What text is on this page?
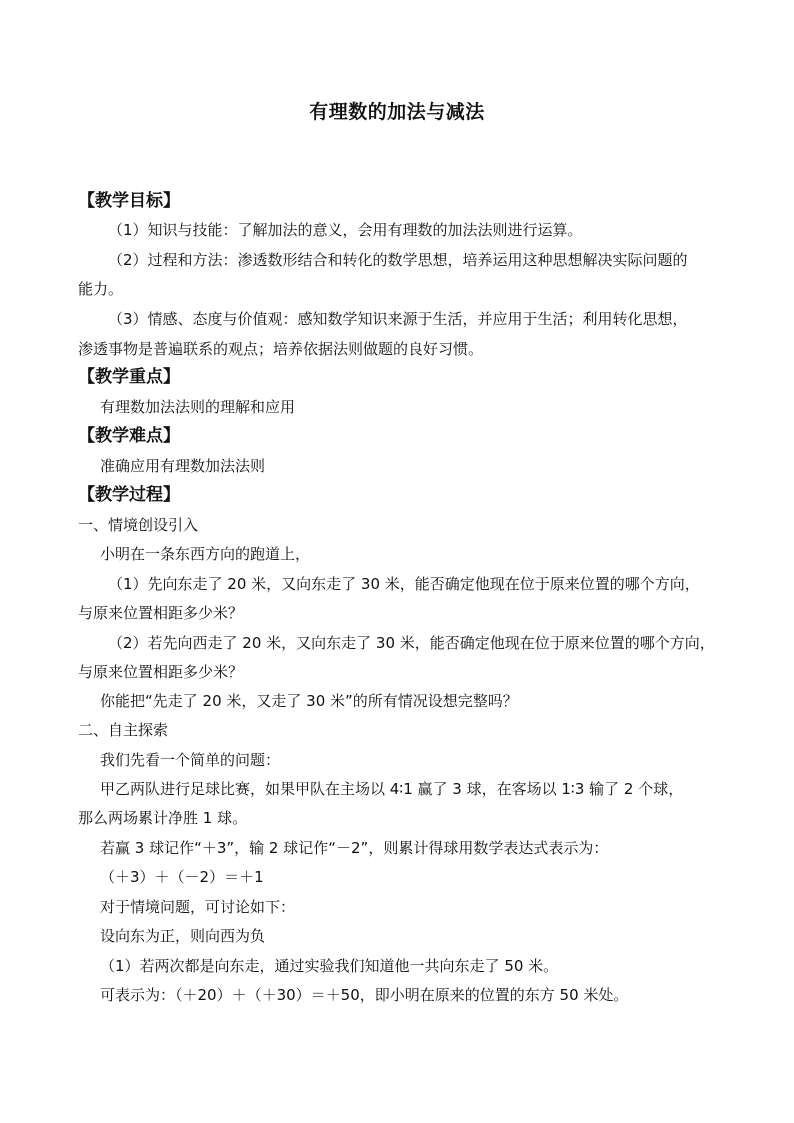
有理数的加法与减法
【教学目标】
（1）知识与技能：了解加法的意义，会用有理数的加法法则进行运算。
（2）过程和方法：渗透数形结合和转化的数学思想，培养运用这种思想解决实际问题的
能力。
（3）情感、态度与价值观：感知数学知识来源于生活，并应用于生活；利用转化思想，
渗透事物是普遍联系的观点；培养依据法则做题的良好习惯。
【教学重点】
有理数加法法则的理解和应用
【教学难点】
准确应用有理数加法法则
【教学过程】
一、情境创设引入
小明在一条东西方向的跑道上，
（1）先向东走了 20 米，又向东走了 30 米，能否确定他现在位于原来位置的哪个方向，
与原来位置相距多少米？
（2）若先向西走了 20 米，又向东走了 30 米，能否确定他现在位于原来位置的哪个方向，
与原来位置相距多少米？
你能把“先走了 20 米，又走了 30 米”的所有情况设想完整吗？
二、自主探索
我们先看一个简单的问题：
甲乙两队进行足球比赛，如果甲队在主场以 4∶1 赢了 3 球，在客场以 1∶3 输了 2 个球，
那么两场累计净胜 1 球。
若赢 3 球记作“＋3”，输 2 球记作“－2”，则累计得球用数学表达式表示为：
（＋3）＋（－2）＝＋1
对于情境问题，可讨论如下：
设向东为正，则向西为负
（1）若两次都是向东走，通过实验我们知道他一共向东走了 50 米。
可表示为：（＋20）＋（＋30）＝＋50，即小明在原来的位置的东方 50 米处。
